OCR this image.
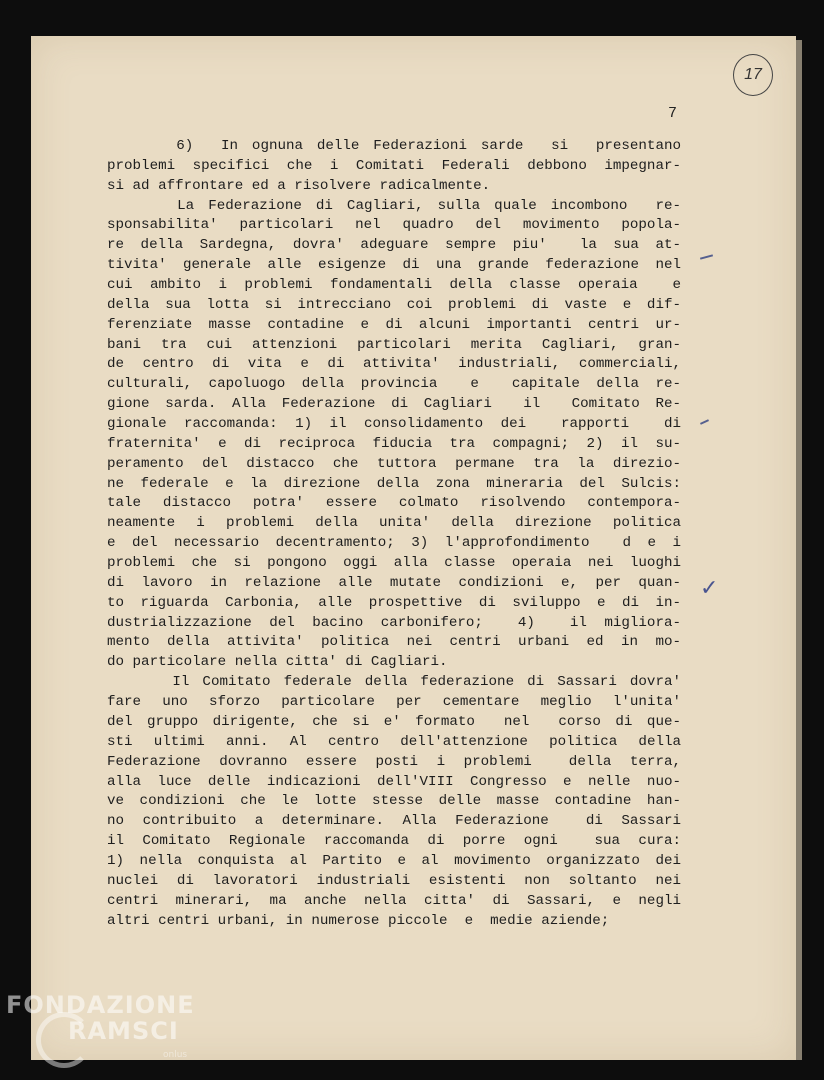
17
7
6)  In ognuna delle Federazioni sarde  si  presentano
problemi specifici che i Comitati Federali debbono impegnar-
si ad affrontare ed a risolvere radicalmente.
La Federazione di Cagliari, sulla quale incombono  re-
sponsabilita' particolari nel quadro del movimento popola-
re della Sardegna, dovra' adeguare sempre piu'  la sua at-
tivita' generale alle esigenze di una grande federazione nel
cui ambito i problemi fondamentali della classe operaia  e
della sua lotta si intrecciano coi problemi di vaste e dif-
ferenziate masse contadine e di alcuni importanti centri ur-
bani tra cui attenzioni particolari merita Cagliari, gran-
de centro di vita e di attivita' industriali, commerciali,
culturali, capoluogo della provincia  e  capitale della re-
gione sarda. Alla Federazione di Cagliari  il  Comitato Re-
gionale raccomanda: 1) il consolidamento dei  rapporti  di
fraternita' e di reciproca fiducia tra compagni; 2) il su-
peramento del distacco che tuttora permane tra la direzio-
ne federale e la direzione della zona mineraria del Sulcis:
tale distacco potra' essere colmato risolvendo contempora-
neamente i problemi della unita' della direzione politica
e del necessario decentramento; 3) l'approfondimento  d e i
problemi che si pongono oggi alla classe operaia nei luoghi
di lavoro in relazione alle mutate condizioni e, per quan-
to riguarda Carbonia, alle prospettive di sviluppo e di in-
dustrializzazione del bacino carbonifero;  4)  il migliora-
mento della attivita' politica nei centri urbani ed in mo-
do particolare nella citta' di Cagliari.
Il Comitato federale della federazione di Sassari dovra'
fare uno sforzo particolare per cementare meglio l'unita'
del gruppo dirigente, che si e' formato  nel  corso di que-
sti ultimi anni. Al centro dell'attenzione politica della
Federazione dovranno essere posti i problemi  della terra,
alla luce delle indicazioni dell'VIII Congresso e nelle nuo-
ve condizioni che le lotte stesse delle masse contadine han-
no contribuito a determinare. Alla Federazione  di Sassari
il Comitato Regionale raccomanda di porre ogni  sua cura:
1) nella conquista al Partito e al movimento organizzato dei
nuclei di lavoratori industriali esistenti non soltanto nei
centri minerari, ma anche nella citta' di Sassari, e negli
altri centri urbani, in numerose piccole  e  medie aziende;
✓
FONDAZIONE
RAMSCI
onlus
